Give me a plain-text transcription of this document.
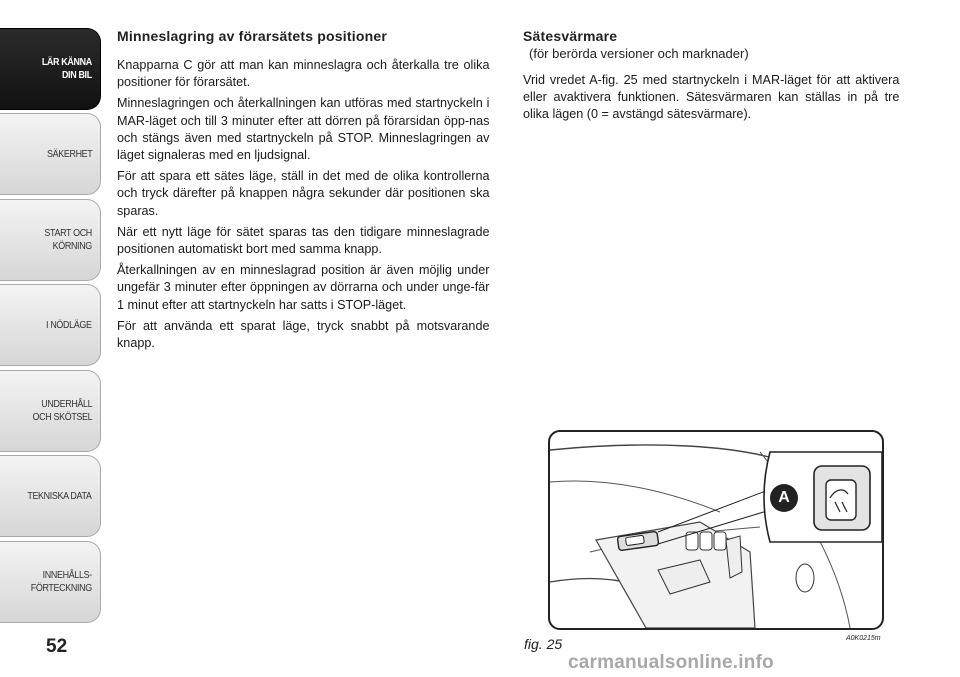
LÄR KÄNNA
DIN BIL
SÄKERHET
START OCH
KÖRNING
I NÖDLÄGE
UNDERHÅLL
OCH SKÖTSEL
TEKNISKA DATA
INNEHÅLLS-
FÖRTECKNING
52
Minneslagring av förarsätets positioner

Knapparna C gör att man kan minneslagra och återkalla tre olika positioner för förarsätet.

Minneslagringen och återkallningen kan utföras med startnyckeln i MAR-läget och till 3 minuter efter att dörren på förarsidan öpp-nas och stängs även med startnyckeln på STOP. Minneslagringen av läget signaleras med en ljudsignal.

För att spara ett sätes läge, ställ in det med de olika kontrollerna och tryck därefter på knappen några sekunder där positionen ska sparas.

När ett nytt läge för sätet sparas tas den tidigare minneslagrade positionen automatiskt bort med samma knapp.

Återkallningen av en minneslagrad position är även möjlig under ungefär 3 minuter efter öppningen av dörrarna och under unge-fär 1 minut efter att startnyckeln har satts i STOP-läget.

För att använda ett sparat läge, tryck snabbt på motsvarande knapp.

Sätesvärmare
(för berörda versioner och marknader)

Vrid vredet A-fig. 25 med startnyckeln i MAR-läget för att aktivera eller avaktivera funktionen. Sätesvärmaren kan ställas in på tre olika lägen (0 = avstängd sätesvärmare).

A
fig. 25	A0K0215m
carmanualsonline.info
